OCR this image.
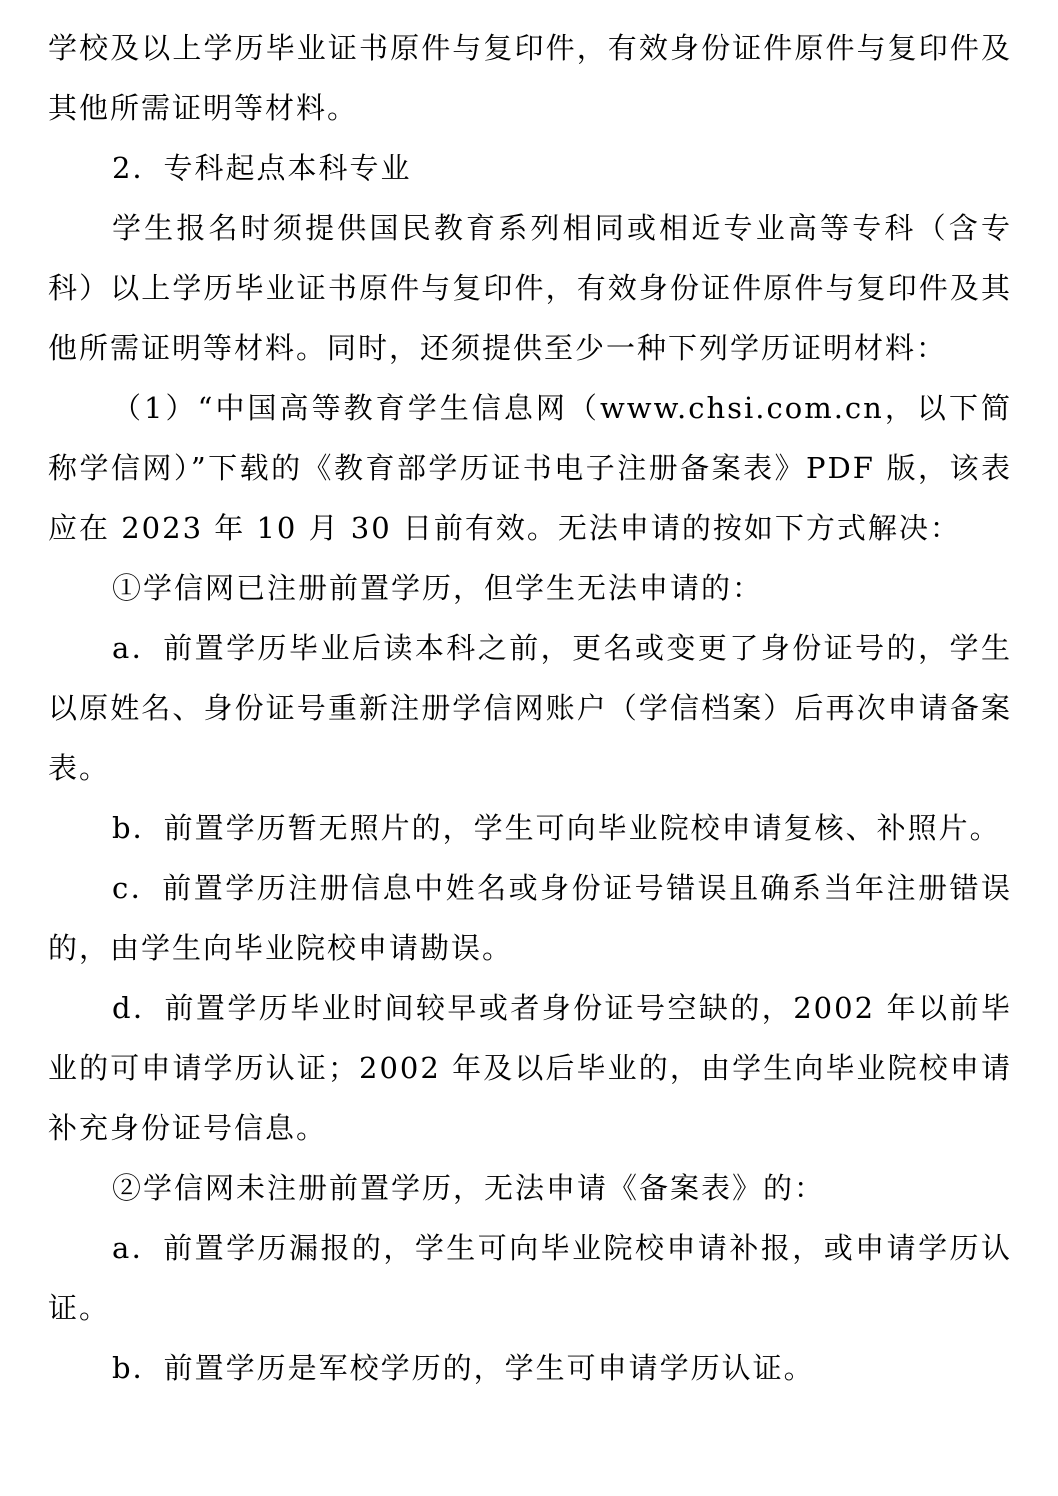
学校及以上学历毕业证书原件与复印件，有效身份证件原件与复印件及其他所需证明等材料。

2．专科起点本科专业

学生报名时须提供国民教育系列相同或相近专业高等专科（含专科）以上学历毕业证书原件与复印件，有效身份证件原件与复印件及其他所需证明等材料。同时，还须提供至少一种下列学历证明材料：

（1）“中国高等教育学生信息网（www.chsi.com.cn，以下简称学信网）”下载的《教育部学历证书电子注册备案表》PDF 版，该表应在 2023 年 10 月 30 日前有效。无法申请的按如下方式解决：

①学信网已注册前置学历，但学生无法申请的：

a．前置学历毕业后读本科之前，更名或变更了身份证号的，学生以原姓名、身份证号重新注册学信网账户（学信档案）后再次申请备案表。

b．前置学历暂无照片的，学生可向毕业院校申请复核、补照片。

c．前置学历注册信息中姓名或身份证号错误且确系当年注册错误的，由学生向毕业院校申请勘误。

d．前置学历毕业时间较早或者身份证号空缺的，2002 年以前毕业的可申请学历认证；2002 年及以后毕业的，由学生向毕业院校申请补充身份证号信息。

②学信网未注册前置学历，无法申请《备案表》的：

a．前置学历漏报的，学生可向毕业院校申请补报，或申请学历认证。

b．前置学历是军校学历的，学生可申请学历认证。
